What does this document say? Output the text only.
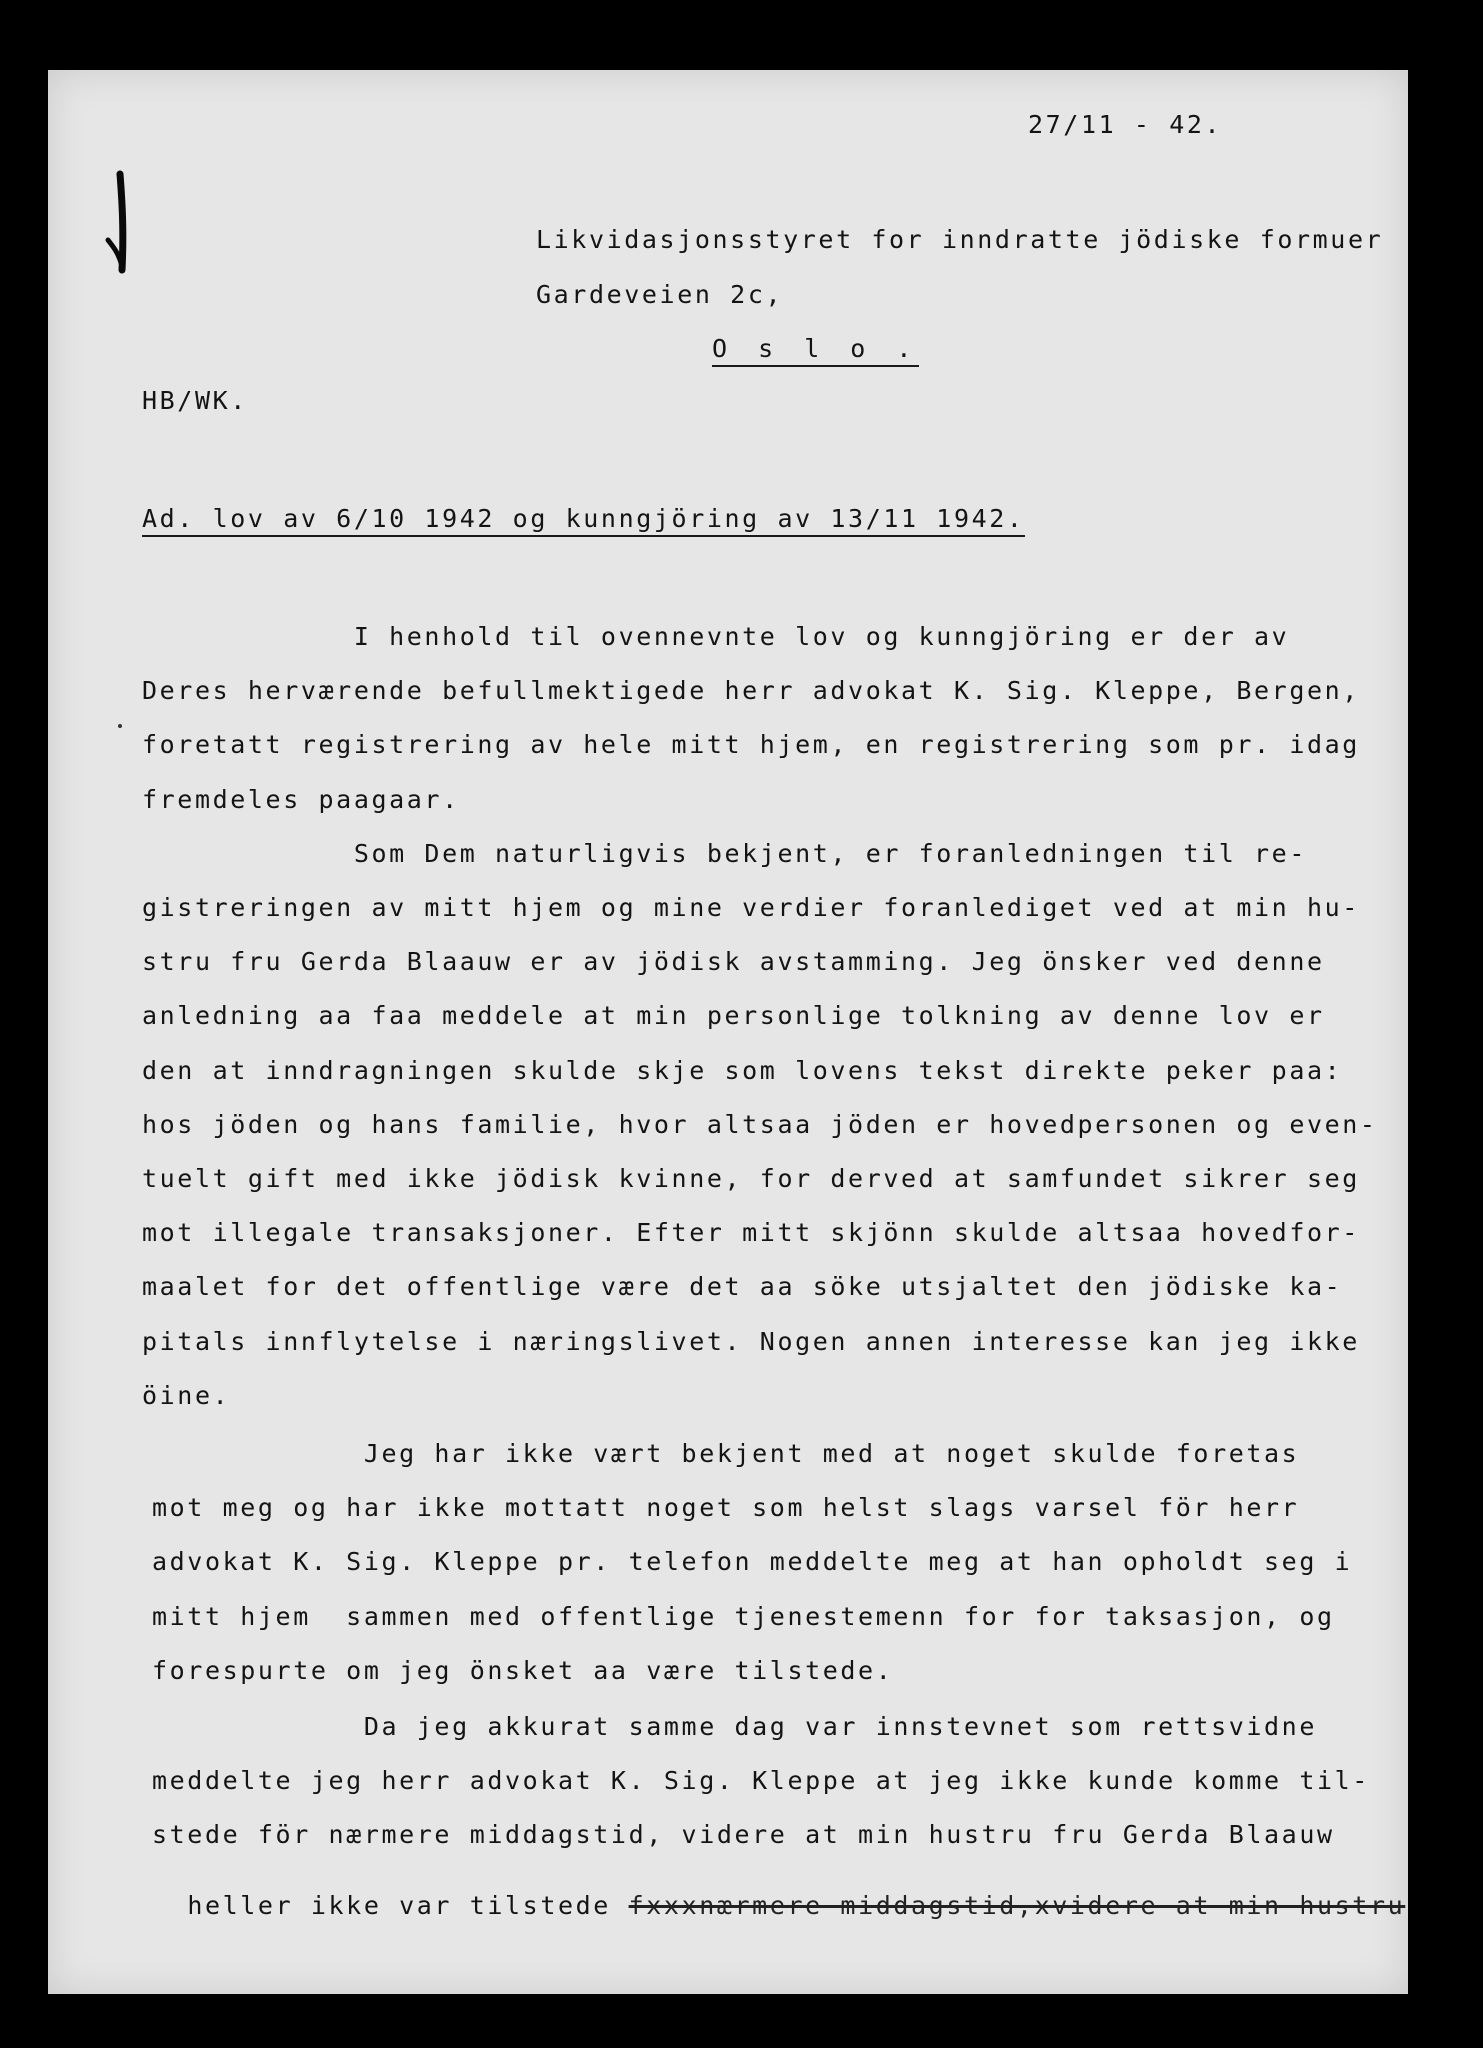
27/11 - 42.
Likvidasjonsstyret for inndratte jödiske formuer
Gardeveien 2c,
O s l o .
HB/WK.
Ad. lov av 6/10 1942 og kunngjöring av 13/11 1942.
I henhold til ovennevnte lov og kunngjöring er der av
Deres herværende befullmektigede herr advokat K. Sig. Kleppe, Bergen,
foretatt registrering av hele mitt hjem, en registrering som pr. idag
fremdeles paagaar.
Som Dem naturligvis bekjent, er foranledningen til re-
gistreringen av mitt hjem og mine verdier foranlediget ved at min hu-
stru fru Gerda Blaauw er av jödisk avstamming. Jeg önsker ved denne
anledning aa faa meddele at min personlige tolkning av denne lov er
den at inndragningen skulde skje som lovens tekst direkte peker paa:
hos jöden og hans familie, hvor altsaa jöden er hovedpersonen og even-
tuelt gift med ikke jödisk kvinne, for derved at samfundet sikrer seg
mot illegale transaksjoner. Efter mitt skjönn skulde altsaa hovedfor-
maalet for det offentlige være det aa söke utsjaltet den jödiske ka-
pitals innflytelse i næringslivet. Nogen annen interesse kan jeg ikke
öine.
Jeg har ikke vært bekjent med at noget skulde foretas
mot meg og har ikke mottatt noget som helst slags varsel för herr
advokat K. Sig. Kleppe pr. telefon meddelte meg at han opholdt seg i
mitt hjem  sammen med offentlige tjenestemenn for for taksasjon, og
forespurte om jeg önsket aa være tilstede.
Da jeg akkurat samme dag var innstevnet som rettsvidne
meddelte jeg herr advokat K. Sig. Kleppe at jeg ikke kunde komme til-
stede för nærmere middagstid, videre at min hustru fru Gerda Blaauw

heller ikke var tilstede fxxxnærmere middagstid,xvidere at min hustru
